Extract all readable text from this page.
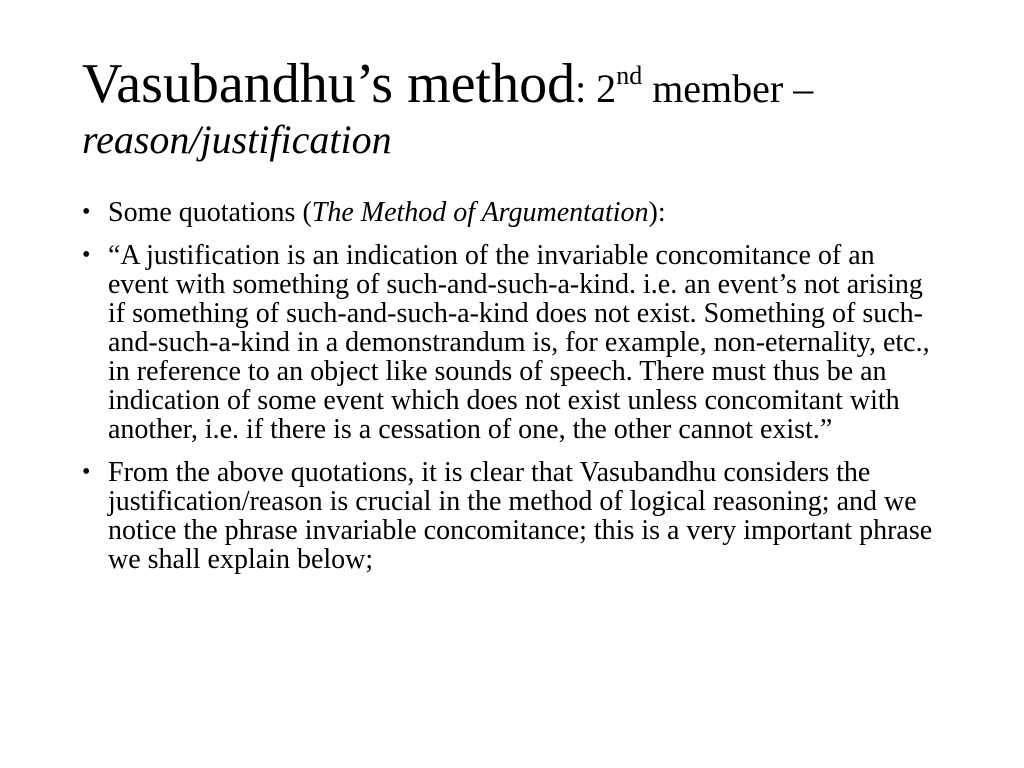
Vasubandhu’s method: 2nd member –
reason/justification
• Some quotations (The Method of Argumentation):
• “A justification is an indication of the invariable concomitance of an event with something of such-and-such-a-kind. i.e. an event’s not arising if something of such-and-such-a-kind does not exist. Something of such-and-such-a-kind in a demonstrandum is, for example, non-eternality, etc., in reference to an object like sounds of speech. There must thus be an indication of some event which does not exist unless concomitant with another, i.e. if there is a cessation of one, the other cannot exist.”
• From the above quotations, it is clear that Vasubandhu considers the justification/reason is crucial in the method of logical reasoning; and we notice the phrase invariable concomitance; this is a very important phrase we shall explain below;
